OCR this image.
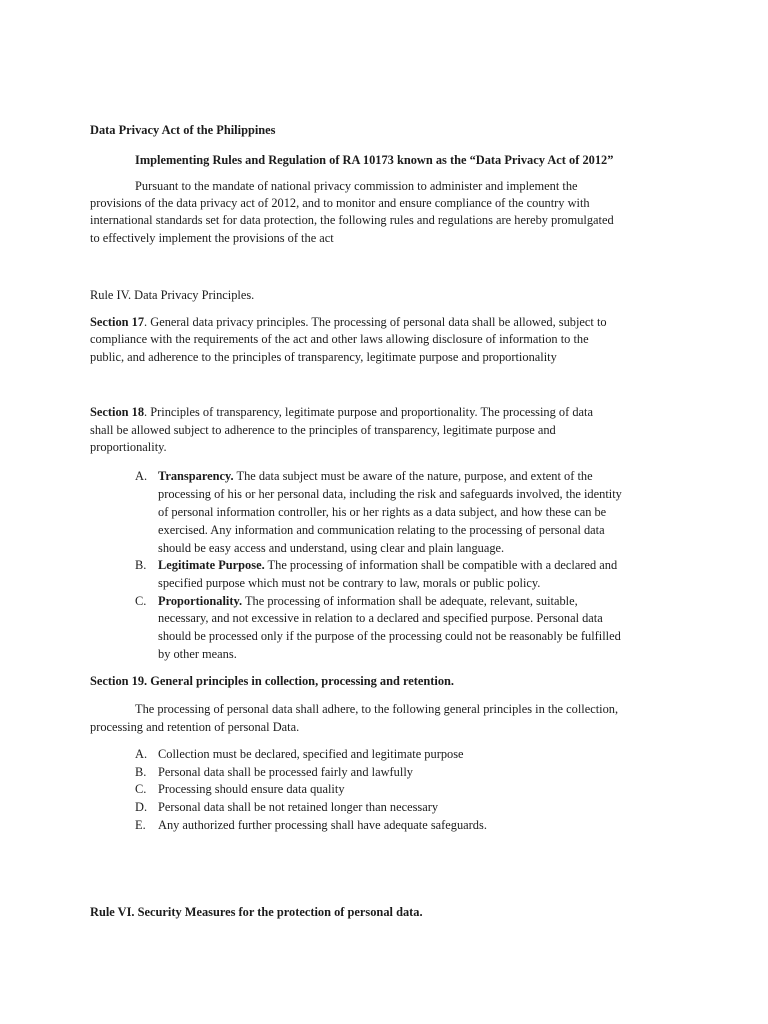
Data Privacy Act of the Philippines
Implementing Rules and Regulation of RA 10173 known as the “Data Privacy Act of 2012”

Pursuant to the mandate of national privacy commission to administer and implement the

provisions of the data privacy act of 2012, and to monitor and ensure compliance of the country with

international standards set for data protection, the following rules and regulations are hereby promulgated

to effectively implement the provisions of the act

Rule IV. Data Privacy Principles.

Section 17. General data privacy principles. The processing of personal data shall be allowed, subject to

compliance with the requirements of the act and other laws allowing disclosure of information to the

public, and adherence to the principles of transparency, legitimate purpose and proportionality

Section 18. Principles of transparency, legitimate purpose and proportionality. The processing of data

shall be allowed subject to adherence to the principles of transparency, legitimate purpose and

proportionality.

A. Transparency. The data subject must be aware of the nature, purpose, and extent of the

processing of his or her personal data, including the risk and safeguards involved, the identity

of personal information controller, his or her rights as a data subject, and how these can be

exercised. Any information and communication relating to the processing of personal data

should be easy access and understand, using clear and plain language.

B. Legitimate Purpose. The processing of information shall be compatible with a declared and

specified purpose which must not be contrary to law, morals or public policy.

C. Proportionality. The processing of information shall be adequate, relevant, suitable,

necessary, and not excessive in relation to a declared and specified purpose. Personal data

should be processed only if the purpose of the processing could not be reasonably be fulfilled

by other means.

Section 19. General principles in collection, processing and retention.

The processing of personal data shall adhere, to the following general principles in the collection,

processing and retention of personal Data.

A. Collection must be declared, specified and legitimate purpose

B. Personal data shall be processed fairly and lawfully

C. Processing should ensure data quality

D. Personal data shall be not retained longer than necessary

E. Any authorized further processing shall have adequate safeguards.

Rule VI. Security Measures for the protection of personal data.
